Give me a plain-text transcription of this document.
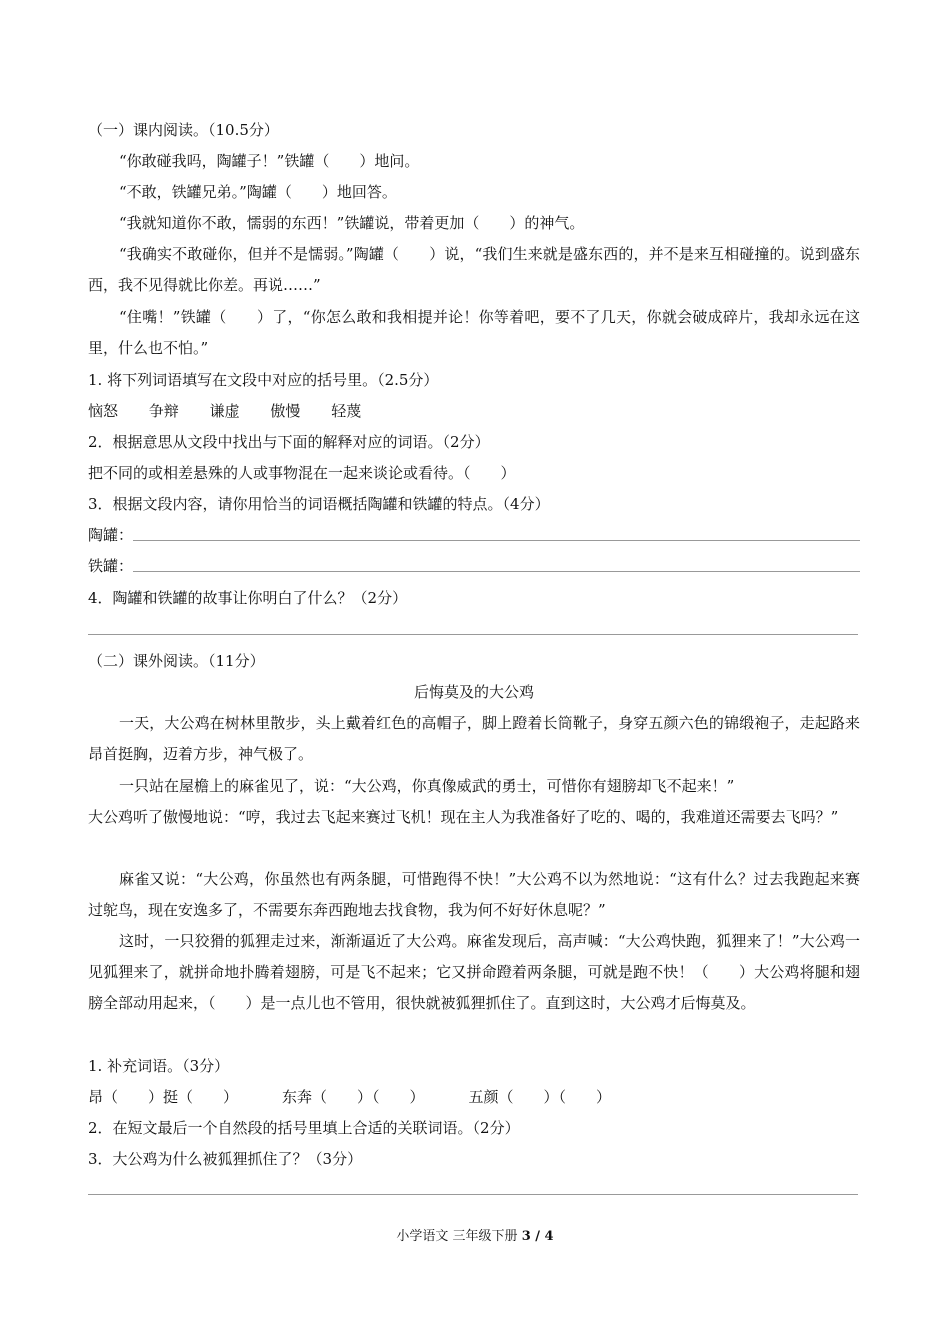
（一）课内阅读。（10.5分）
“你敢碰我吗，陶罐子！”铁罐（　　）地问。
“不敢，铁罐兄弟。”陶罐（　　）地回答。
“我就知道你不敢，懦弱的东西！”铁罐说，带着更加（　　）的神气。
“我确实不敢碰你，但并不是懦弱。”陶罐（　　）说，“我们生来就是盛东西的，并不是来互相碰撞的。说到盛东西，我不见得就比你差。再说……”
“住嘴！”铁罐（　　）了，“你怎么敢和我相提并论！你等着吧，要不了几天，你就会破成碎片，我却永远在这里，什么也不怕。”
1. 将下列词语填写在文段中对应的括号里。（2.5分）
恼怒 争辩 谦虚 傲慢 轻蔑
2．根据意思从文段中找出与下面的解释对应的词语。（2分）
把不同的或相差悬殊的人或事物混在一起来谈论或看待。（　　）
3．根据文段内容，请你用恰当的词语概括陶罐和铁罐的特点。（4分）
陶罐：
铁罐：
4．陶罐和铁罐的故事让你明白了什么？（2分）
（二）课外阅读。（11分）
后悔莫及的大公鸡
一天，大公鸡在树林里散步，头上戴着红色的高帽子，脚上蹬着长筒靴子，身穿五颜六色的锦缎袍子，走起路来昂首挺胸，迈着方步，神气极了。
一只站在屋檐上的麻雀见了，说：“大公鸡，你真像威武的勇士，可惜你有翅膀却飞不起来！”
大公鸡听了傲慢地说：“哼，我过去飞起来赛过飞机！现在主人为我准备好了吃的、喝的，我难道还需要去飞吗？”
麻雀又说：“大公鸡，你虽然也有两条腿，可惜跑得不快！”大公鸡不以为然地说：“这有什么？过去我跑起来赛过鸵鸟，现在安逸多了，不需要东奔西跑地去找食物，我为何不好好休息呢？”
这时，一只狡猾的狐狸走过来，渐渐逼近了大公鸡。麻雀发现后，高声喊：“大公鸡快跑，狐狸来了！”大公鸡一见狐狸来了，就拼命地扑腾着翅膀，可是飞不起来；它又拼命蹬着两条腿，可就是跑不快！（　　）大公鸡将腿和翅膀全部动用起来，（　　）是一点儿也不管用，很快就被狐狸抓住了。直到这时，大公鸡才后悔莫及。
1. 补充词语。（3分）
昂（　　）挺（　　）	东奔（　　）（　　）	五颜（　　）（　　）
2．在短文最后一个自然段的括号里填上合适的关联词语。（2分）
3．大公鸡为什么被狐狸抓住了？（3分）
小学语文 三年级下册 3 / 4
